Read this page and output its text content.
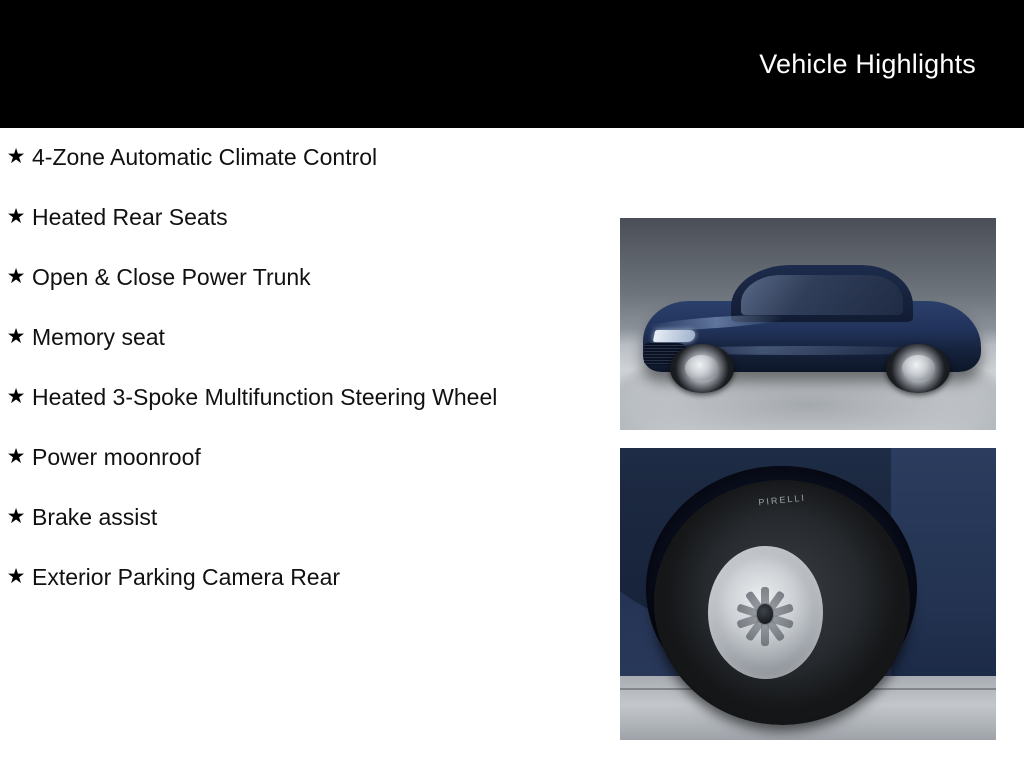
Vehicle Highlights
★ 4-Zone Automatic Climate Control
★ Heated Rear Seats
★ Open & Close Power Trunk
★ Memory seat
★ Heated 3-Spoke Multifunction Steering Wheel
★ Power moonroof
★ Brake assist
★ Exterior Parking Camera Rear
PIRELLI
